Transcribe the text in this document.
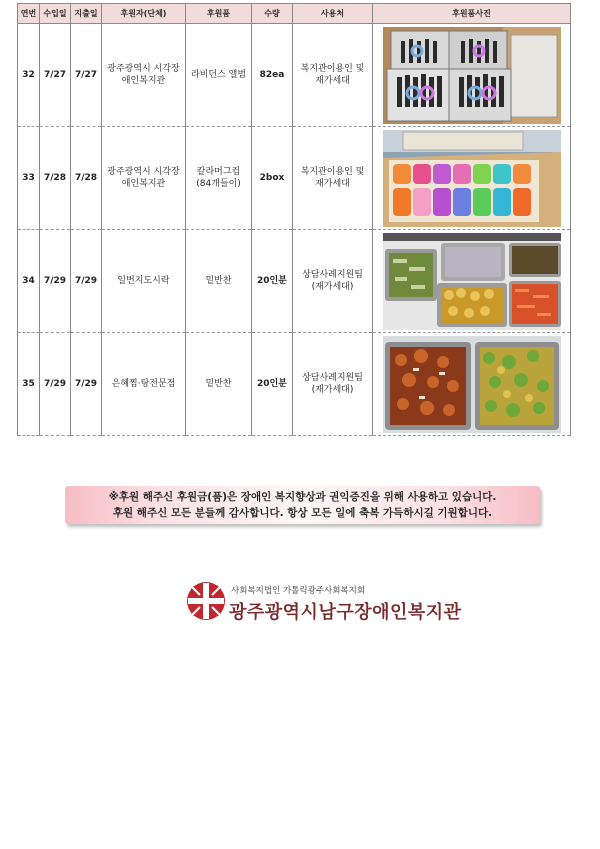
연번	수입일	지출일	후원자(단체)	후원품	수량	사용처	후원품사진
32	7/27	7/27	광주광역시 시각장애인복지관	라비던스 앨범	82ea	복지관이용인 및 재가세대	

33	7/28	7/28	광주광역시 시각장애인복지관	칼라머그컵 (84개들이)	2box	복지관이용인 및 재가세대	

34	7/29	7/29	일번지도시락	밑반찬	20인분	상담사례지원팀 (재가세대)	

35	7/29	7/29	은혜찜·탕전문점	밑반찬	20인분	상담사례지원팀 (재가세대)	
※후원 해주신 후원금(품)은 장애인 복지향상과 권익증진을 위해 사용하고 있습니다.
후원 해주신 모든 분들께 감사합니다. 항상 모든 일에 축복 가득하시길 기원합니다.
사회복지법인 가톨릭광주사회복지회
광주광역시남구장애인복지관
